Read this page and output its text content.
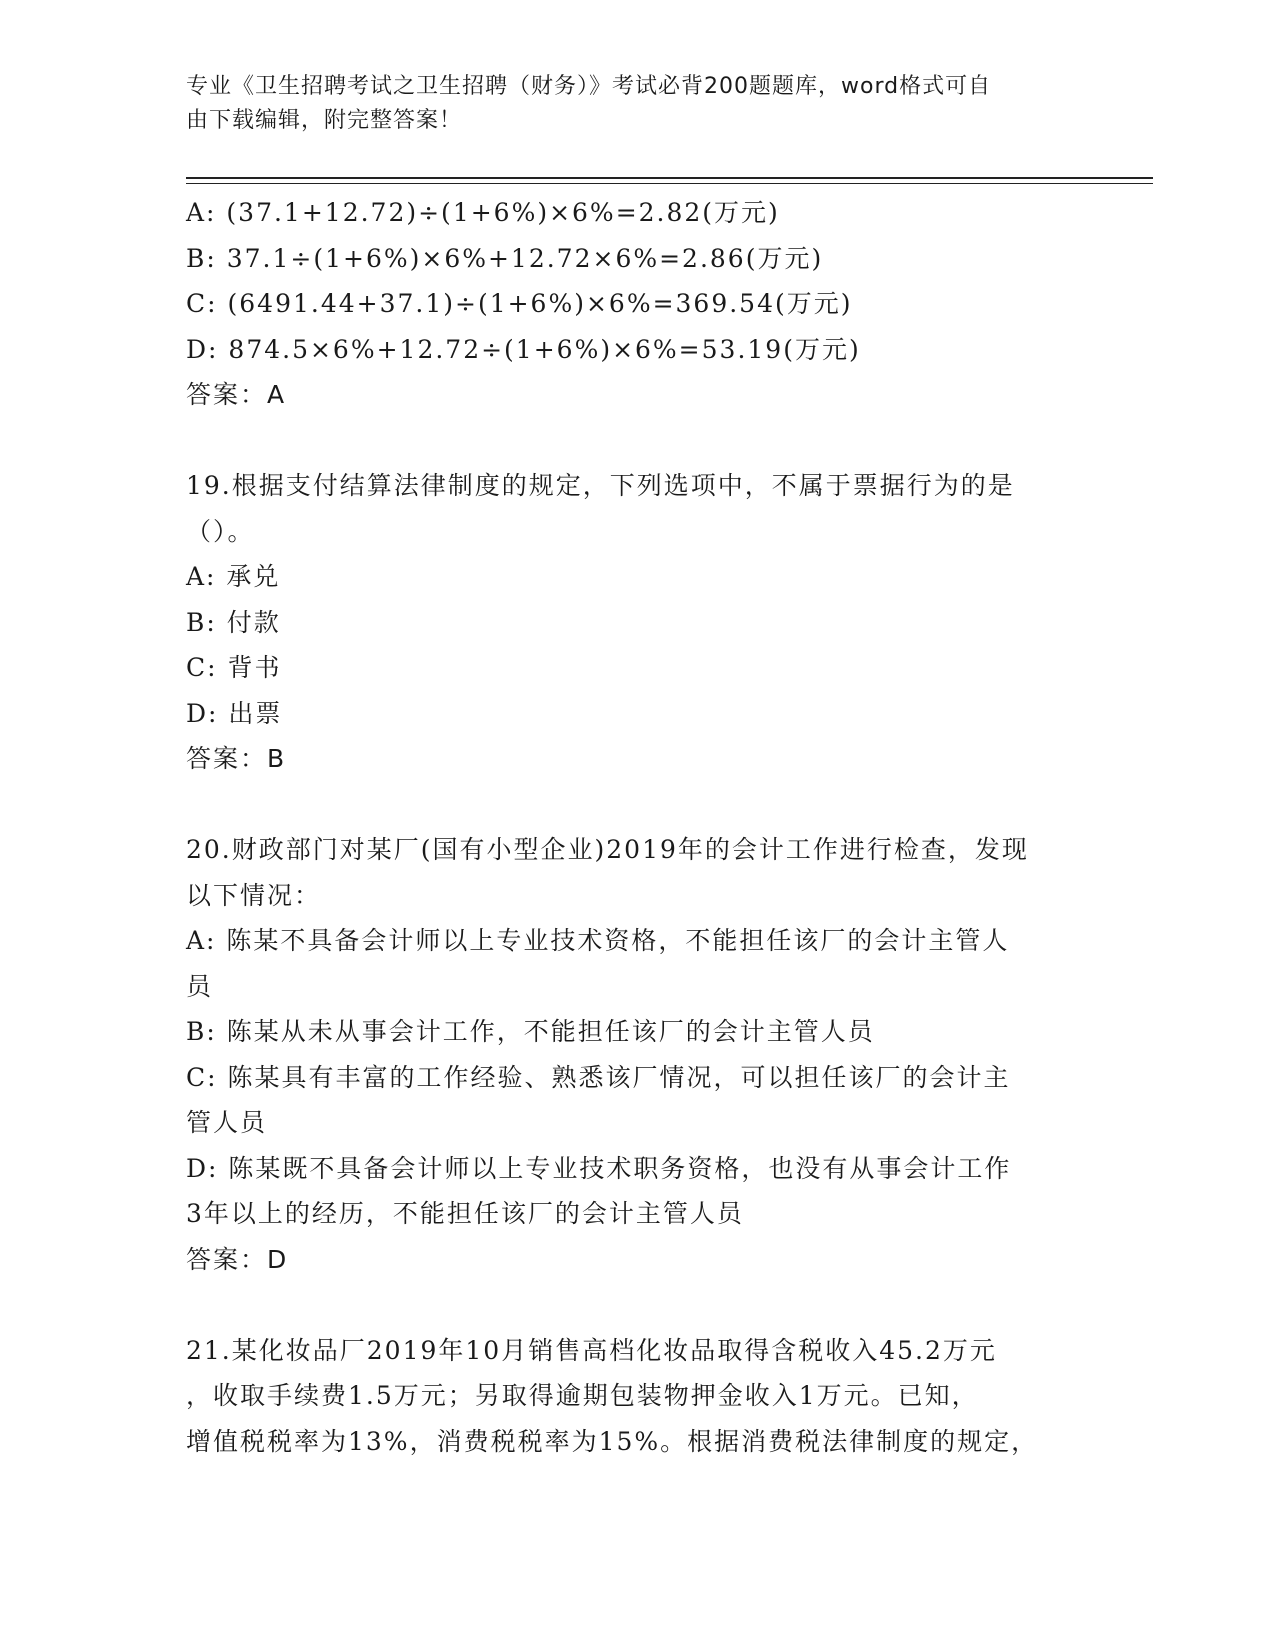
专业《卫生招聘考试之卫生招聘（财务）》考试必背200题题库，word格式可自
由下载编辑，附完整答案！
A: (37.1+12.72)÷(1+6%)×6%=2.82(万元)
B: 37.1÷(1+6%)×6%+12.72×6%=2.86(万元)
C: (6491.44+37.1)÷(1+6%)×6%=369.54(万元)
D: 874.5×6%+12.72÷(1+6%)×6%=53.19(万元)
答案：A
19.根据支付结算法律制度的规定，下列选项中，不属于票据行为的是
（）。
A: 承兑
B: 付款
C: 背书
D: 出票
答案：B
20.财政部门对某厂(国有小型企业)2019年的会计工作进行检查，发现
以下情况：
A: 陈某不具备会计师以上专业技术资格，不能担任该厂的会计主管人
员
B: 陈某从未从事会计工作，不能担任该厂的会计主管人员
C: 陈某具有丰富的工作经验、熟悉该厂情况，可以担任该厂的会计主
管人员
D: 陈某既不具备会计师以上专业技术职务资格，也没有从事会计工作
3年以上的经历，不能担任该厂的会计主管人员
答案：D
21.某化妆品厂2019年10月销售高档化妆品取得含税收入45.2万元
，收取手续费1.5万元；另取得逾期包装物押金收入1万元。已知，
增值税税率为13%，消费税税率为15%。根据消费税法律制度的规定，
